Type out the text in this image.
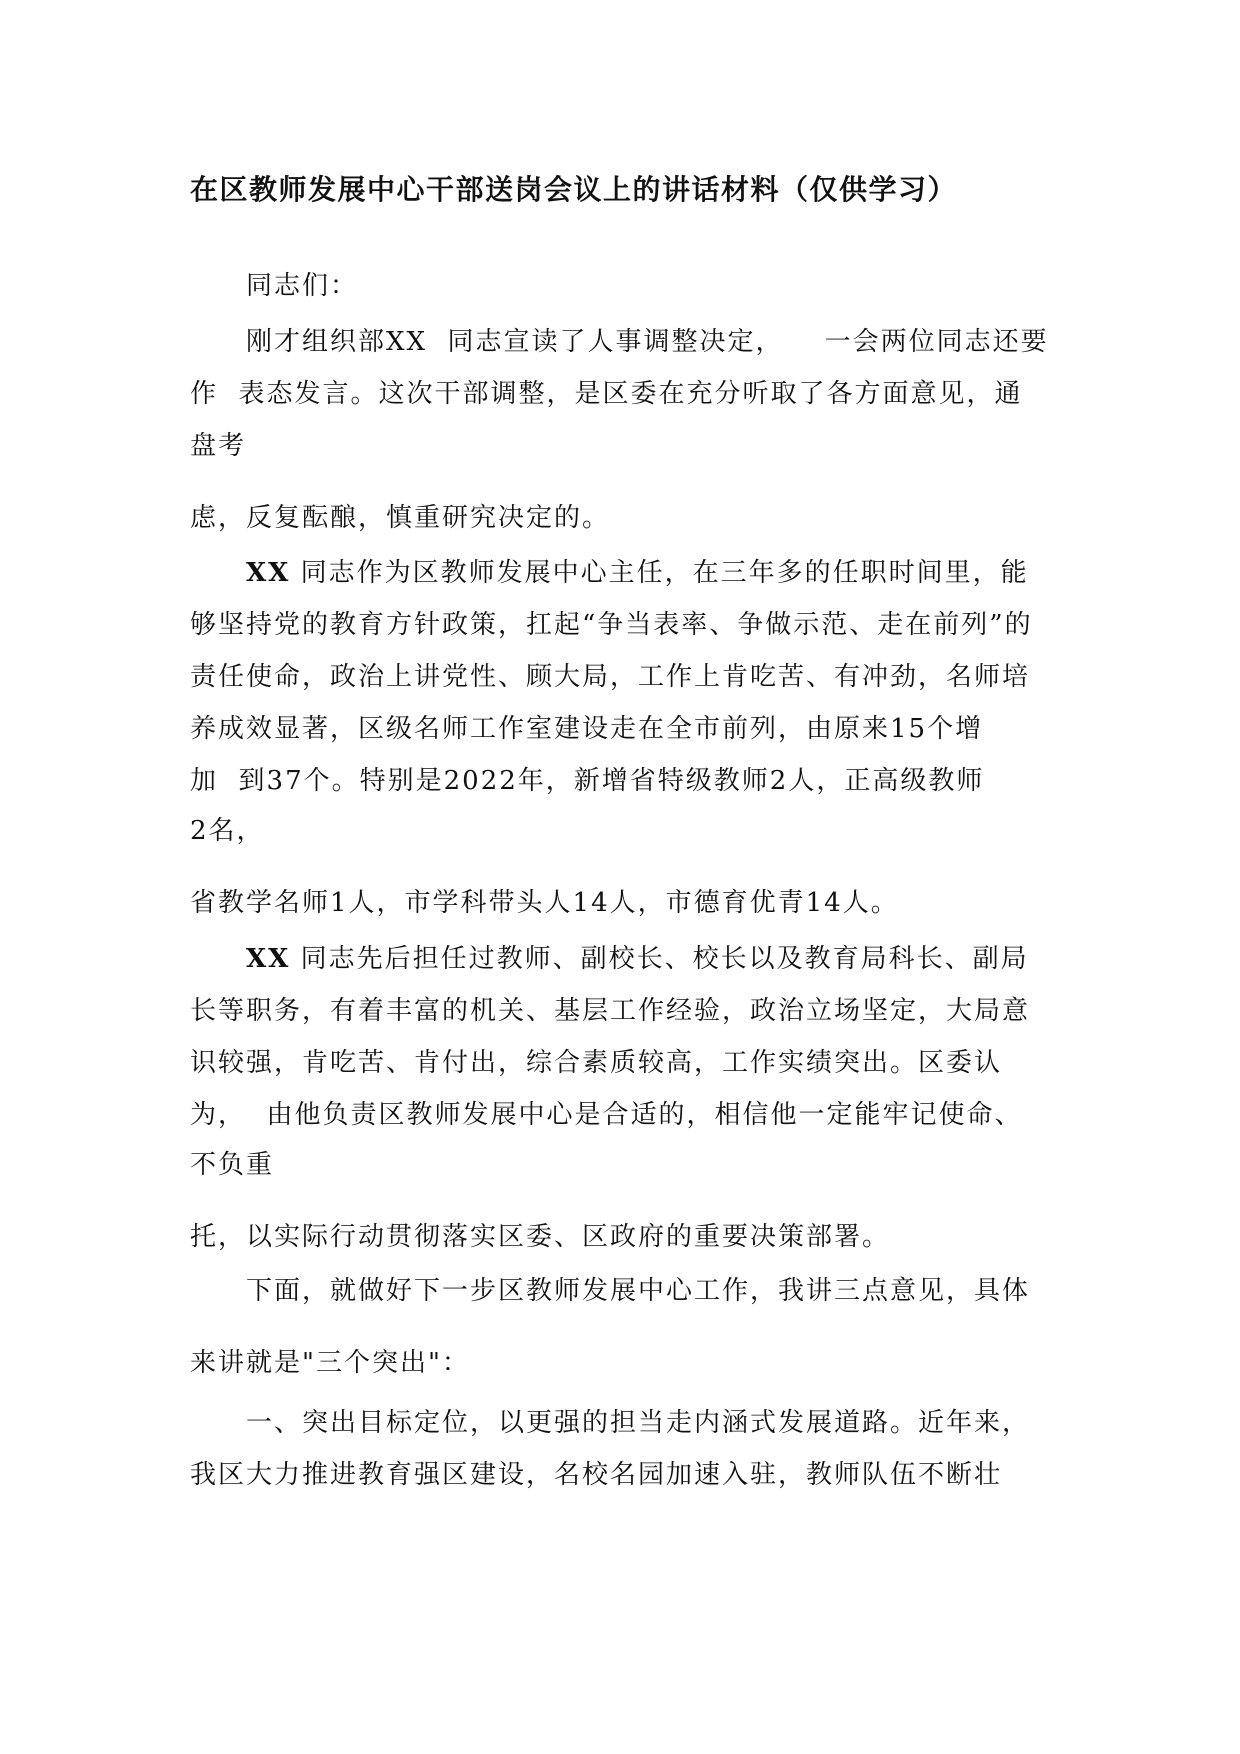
在区教师发展中心干部送岗会议上的讲话材料（仅供学习）
同志们：
刚才组织部XX  同志宣读了人事调整决定，    一会两位同志还要
作  表态发言。这次干部调整，是区委在充分听取了各方面意见，通
盘考
虑，反复酝酿，慎重研究决定的。
XX 同志作为区教师发展中心主任，在三年多的任职时间里，能
够坚持党的教育方针政策，扛起“争当表率、争做示范、走在前列”的
责任使命，政治上讲党性、顾大局，工作上肯吃苦、有冲劲，名师培
养成效显著，区级名师工作室建设走在全市前列，由原来15个增
加  到37个。特别是2022年，新增省特级教师2人，正高级教师
2名，
省教学名师1人，市学科带头人14人，市德育优青14人。
XX 同志先后担任过教师、副校长、校长以及教育局科长、副局
长等职务，有着丰富的机关、基层工作经验，政治立场坚定，大局意
识较强，肯吃苦、肯付出，综合素质较高，工作实绩突出。区委认
为，  由他负责区教师发展中心是合适的，相信他一定能牢记使命、
不负重
托，以实际行动贯彻落实区委、区政府的重要决策部署。
下面，就做好下一步区教师发展中心工作，我讲三点意见，具体
来讲就是"三个突出"：
一、突出目标定位，以更强的担当走内涵式发展道路。近年来，
我区大力推进教育强区建设，名校名园加速入驻，教师队伍不断壮
